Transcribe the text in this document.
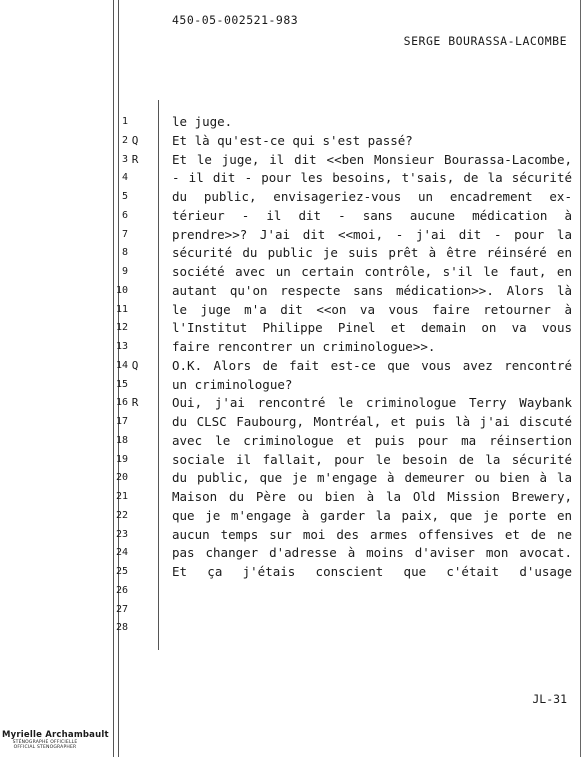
450-05-002521-983
SERGE BOURASSA-LACOMBE
1
2
3
4
5
6
7
8
9
10
11
12
13
14
15
16
17
18
19
20
21
22
23
24
25
26
27
28
Q
R
Q
R
le juge.
Et là qu'est-ce qui s'est passé?
Et le juge, il dit <<ben Monsieur Bourassa-Lacombe,
- il dit - pour les besoins, t'sais, de la sécurité
du public, envisageriez-vous un encadrement ex-
térieur - il dit - sans aucune médication à
prendre>>? J'ai dit <<moi, - j'ai dit - pour la
sécurité du public je suis prêt à être réinséré en
société avec un certain contrôle, s'il le faut, en
autant qu'on respecte sans médication>>. Alors là
le juge m'a dit <<on va vous faire retourner à
l'Institut Philippe Pinel et demain on va vous
faire rencontrer un criminologue>>.
O.K. Alors de fait est-ce que vous avez rencontré
un criminologue?
Oui, j'ai rencontré le criminologue Terry Waybank
du CLSC Faubourg, Montréal, et puis là j'ai discuté
avec le criminologue et puis pour ma réinsertion
sociale il fallait, pour le besoin de la sécurité
du public, que je m'engage à demeurer ou bien à la
Maison du Père ou bien à la Old Mission Brewery,
que je m'engage à garder la paix, que je porte en
aucun temps sur moi des armes offensives et de ne
pas changer d'adresse à moins d'aviser mon avocat.
Et ça j'étais conscient que c'était d'usage
JL-31
Myrielle Archambault
STÉNOGRAPHE OFFICIELLE
OFFICIAL STENOGRAPHER
